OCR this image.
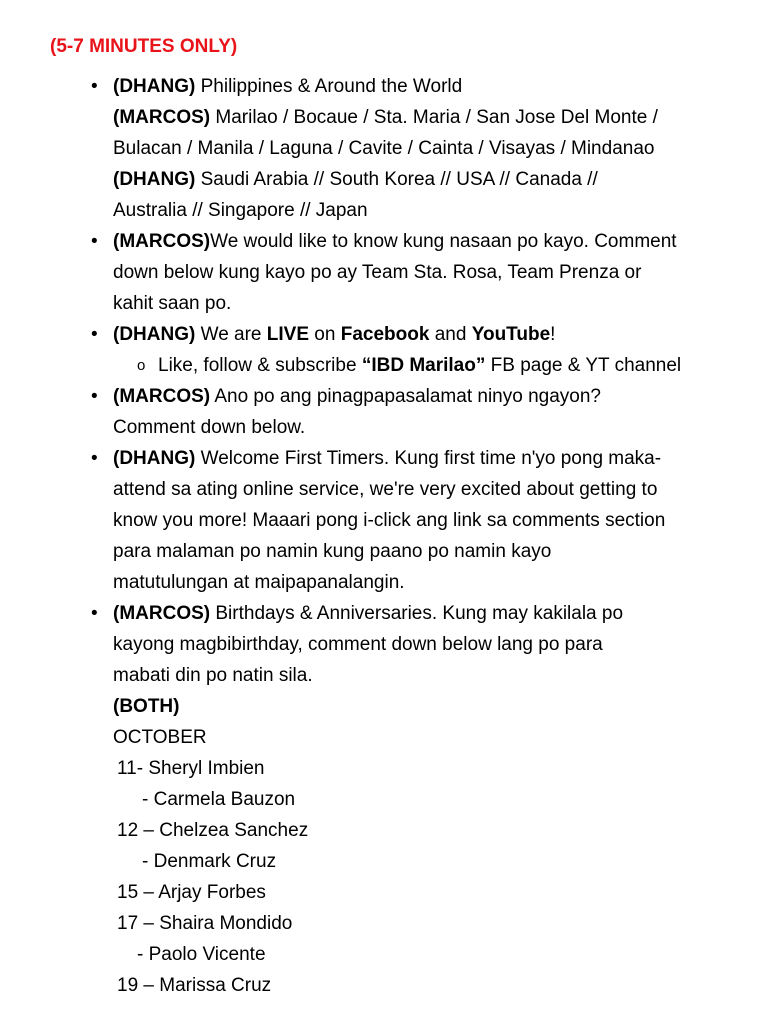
(5-7 MINUTES ONLY)
• (DHANG) Philippines & Around the World
(MARCOS) Marilao / Bocaue / Sta. Maria / San Jose Del Monte /
Bulacan / Manila / Laguna / Cavite / Cainta / Visayas / Mindanao
(DHANG) Saudi Arabia // South Korea // USA // Canada //
Australia // Singapore // Japan
• (MARCOS)We would like to know kung nasaan po kayo. Comment
down below kung kayo po ay Team Sta. Rosa, Team Prenza or
kahit saan po.
• (DHANG) We are LIVE on Facebook and YouTube!
o Like, follow & subscribe “IBD Marilao” FB page & YT channel
• (MARCOS) Ano po ang pinagpapasalamat ninyo ngayon?
Comment down below.
• (DHANG) Welcome First Timers. Kung first time n'yo pong maka-
attend sa ating online service, we're very excited about getting to
know you more! Maaari pong i-click ang link sa comments section
para malaman po namin kung paano po namin kayo
matutulungan at maipapanalangin.
• (MARCOS) Birthdays & Anniversaries. Kung may kakilala po
kayong magbibirthday, comment down below lang po para
mabati din po natin sila.
(BOTH)
OCTOBER
11- Sheryl Imbien
- Carmela Bauzon
12 – Chelzea Sanchez
- Denmark Cruz
15 – Arjay Forbes
17 – Shaira Mondido
- Paolo Vicente
19 – Marissa Cruz
